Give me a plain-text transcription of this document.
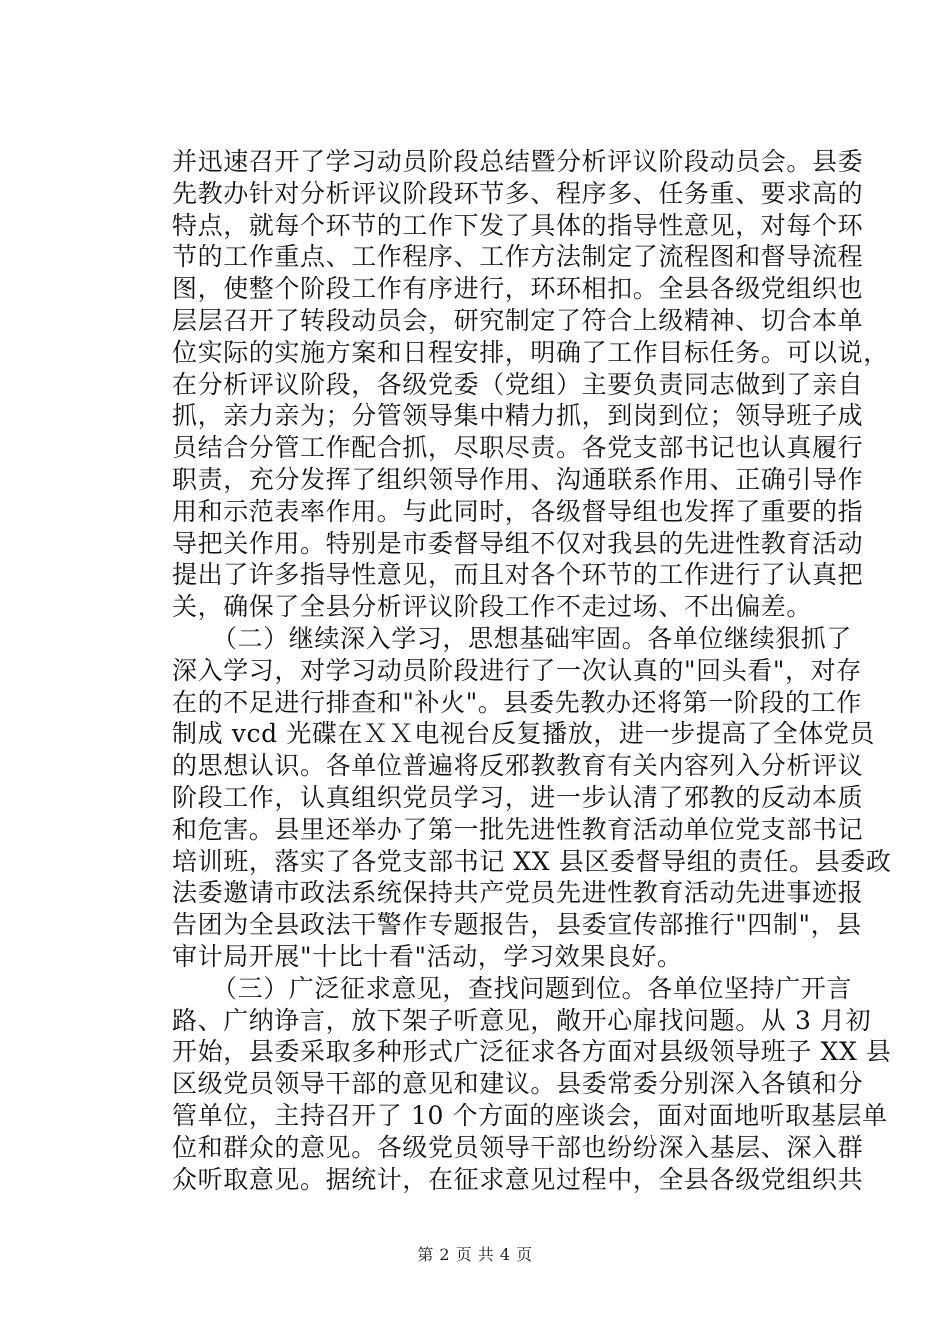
并迅速召开了学习动员阶段总结暨分析评议阶段动员会。县委
先教办针对分析评议阶段环节多、程序多、任务重、要求高的
特点，就每个环节的工作下发了具体的指导性意见，对每个环
节的工作重点、工作程序、工作方法制定了流程图和督导流程
图，使整个阶段工作有序进行，环环相扣。全县各级党组织也
层层召开了转段动员会，研究制定了符合上级精神、切合本单
位实际的实施方案和日程安排，明确了工作目标任务。可以说，
在分析评议阶段，各级党委（党组）主要负责同志做到了亲自
抓，亲力亲为；分管领导集中精力抓，到岗到位；领导班子成
员结合分管工作配合抓，尽职尽责。各党支部书记也认真履行
职责，充分发挥了组织领导作用、沟通联系作用、正确引导作
用和示范表率作用。与此同时，各级督导组也发挥了重要的指
导把关作用。特别是市委督导组不仅对我县的先进性教育活动
提出了许多指导性意见，而且对各个环节的工作进行了认真把
关，确保了全县分析评议阶段工作不走过场、不出偏差。
（二）继续深入学习，思想基础牢固。各单位继续狠抓了
深入学习，对学习动员阶段进行了一次认真的"回头看"，对存
在的不足进行排查和"补火"。县委先教办还将第一阶段的工作
制成 vcd 光碟在ＸＸ电视台反复播放，进一步提高了全体党员
的思想认识。各单位普遍将反邪教教育有关内容列入分析评议
阶段工作，认真组织党员学习，进一步认清了邪教的反动本质
和危害。县里还举办了第一批先进性教育活动单位党支部书记
培训班，落实了各党支部书记 XX 县区委督导组的责任。县委政
法委邀请市政法系统保持共产党员先进性教育活动先进事迹报
告团为全县政法干警作专题报告，县委宣传部推行"四制"，县
审计局开展"十比十看"活动，学习效果良好。
（三）广泛征求意见，查找问题到位。各单位坚持广开言
路、广纳诤言，放下架子听意见，敞开心扉找问题。从 3 月初
开始，县委采取多种形式广泛征求各方面对县级领导班子 XX 县
区级党员领导干部的意见和建议。县委常委分别深入各镇和分
管单位，主持召开了 10 个方面的座谈会，面对面地听取基层单
位和群众的意见。各级党员领导干部也纷纷深入基层、深入群
众听取意见。据统计，在征求意见过程中，全县各级党组织共
第 2 页 共 4 页
